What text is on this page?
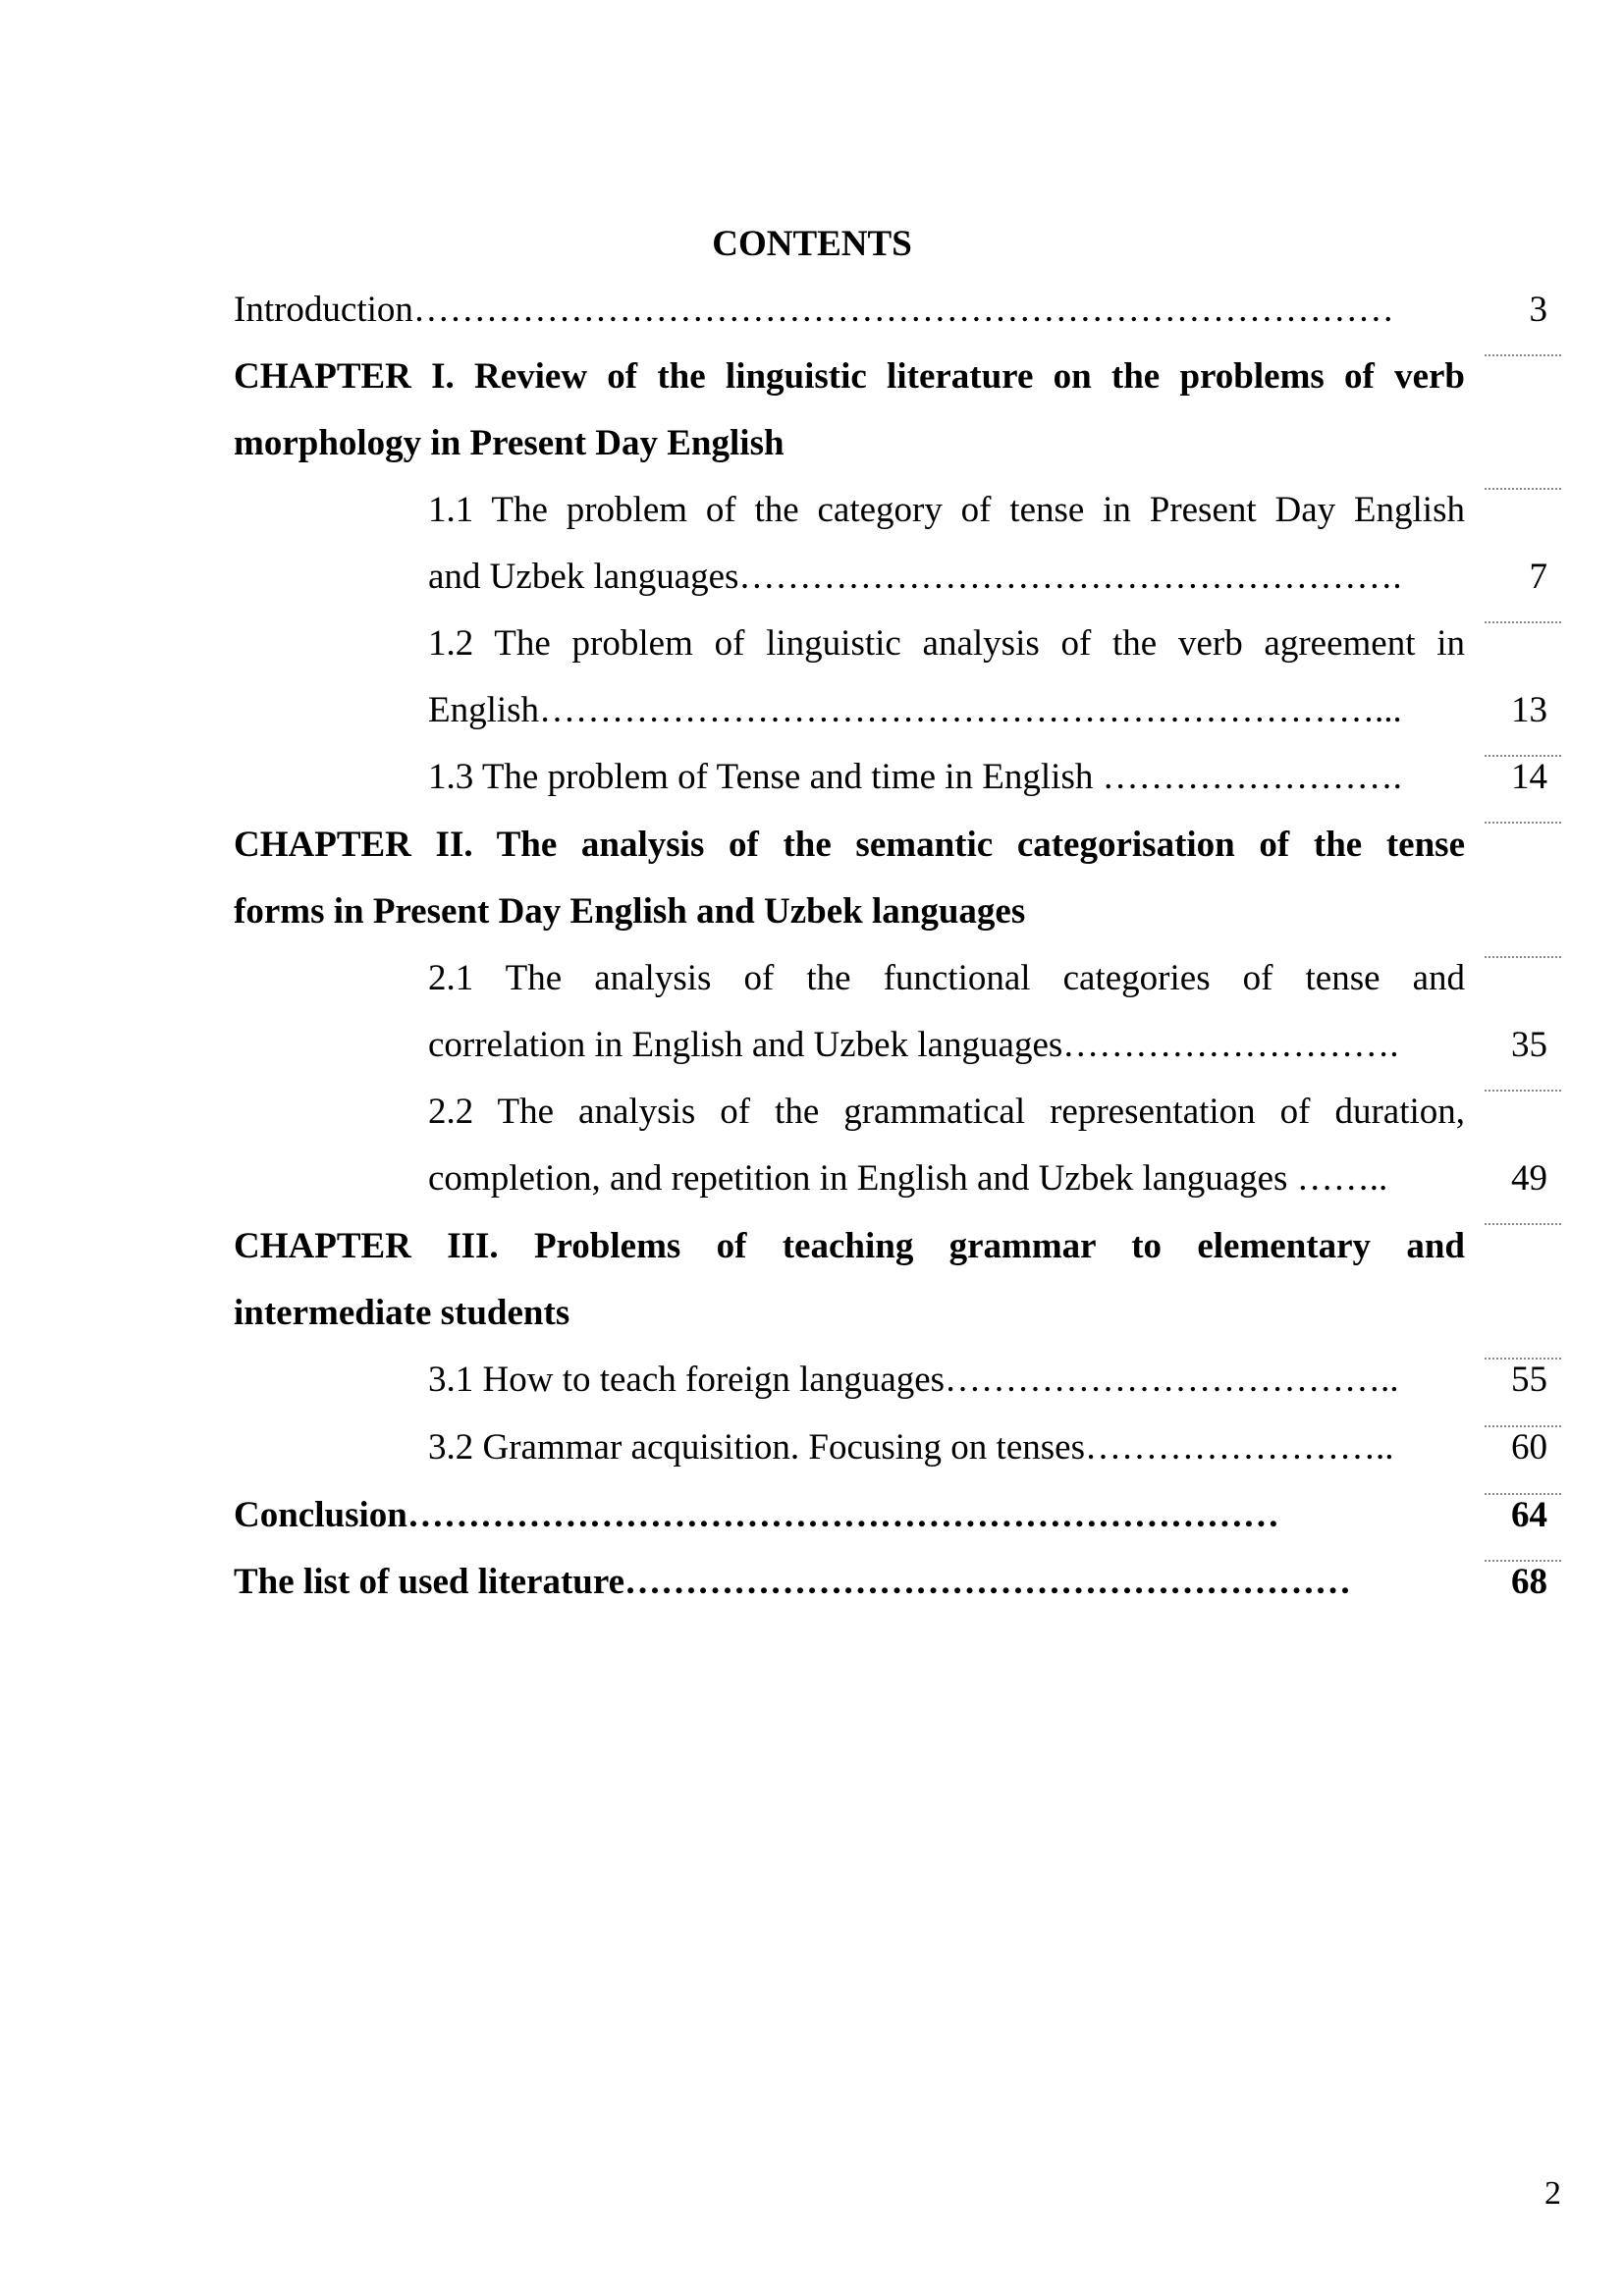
CONTENTS
Introduction………………………………………………………………………	3
CHAPTER I. Review of the linguistic literature on the problems of verb
morphology in Present Day English
1.1 The problem of the category of tense in Present Day English
and Uzbek languages……………………………………………….	7
1.2 The problem of linguistic analysis of the verb agreement in
English……………………………………………………………...	13
1.3 The problem of Tense and time in English …………………….	14
CHAPTER II. The analysis of the semantic categorisation of the tense
forms in Present Day English and Uzbek languages
2.1 The analysis of the functional categories of tense and
correlation in English and Uzbek languages……………………….	35
2.2 The analysis of the grammatical representation of duration,
completion, and repetition in English and Uzbek languages ……..	49
CHAPTER III. Problems of teaching grammar to elementary and
intermediate students
3.1 How to teach foreign languages………………………………..	55
3.2 Grammar acquisition. Focusing on tenses……………………..	60
Conclusion………………………………………………………………	64
The list of used literature……………………………………………………	68
2
